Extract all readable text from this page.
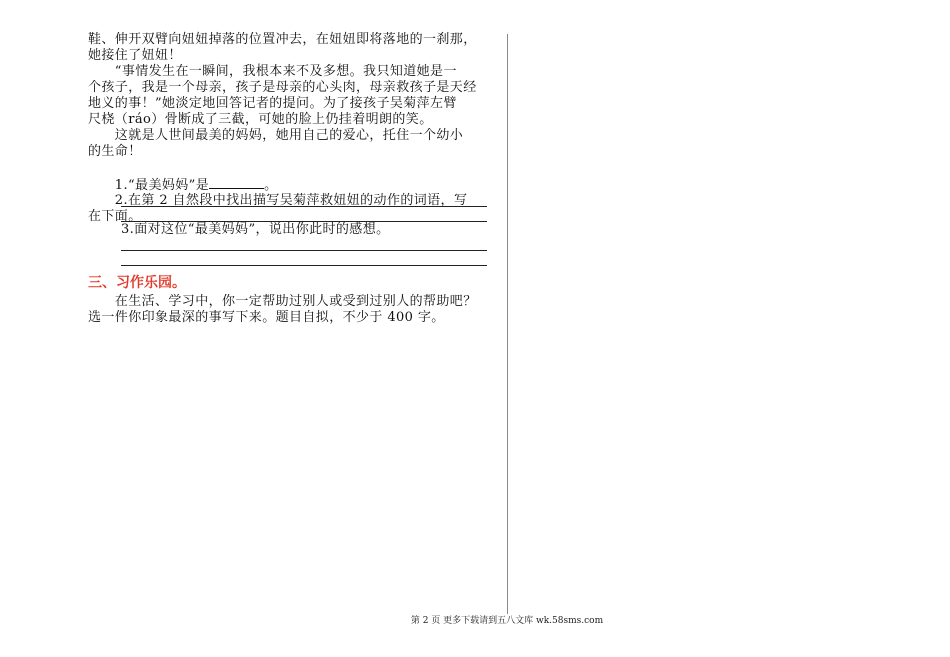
鞋、伸开双臂向妞妞掉落的位置冲去，在妞妞即将落地的一刹那，
她接住了妞妞！
　　“事情发生在一瞬间，我根本来不及多想。我只知道她是一
个孩子，我是一个母亲，孩子是母亲的心头肉，母亲救孩子是天经
地义的事！”她淡定地回答记者的提问。为了接孩子吴菊萍左臂
尺桡（ráo）骨断成了三截，可她的脸上仍挂着明朗的笑。
　　这就是人世间最美的妈妈，她用自己的爱心，托住一个幼小
的生命！
　　1.“最美妈妈”是	。
　　2.在第 2 自然段中找出描写吴菊萍救妞妞的动作的词语，写
在下面。
3.面对这位“最美妈妈”，说出你此时的感想。
三、习作乐园。
　　在生活、学习中，你一定帮助过别人或受到过别人的帮助吧？
选一件你印象最深的事写下来。题目自拟，不少于 400 字。
第 2 页 更多下载请到五八文库 wk.58sms.com
